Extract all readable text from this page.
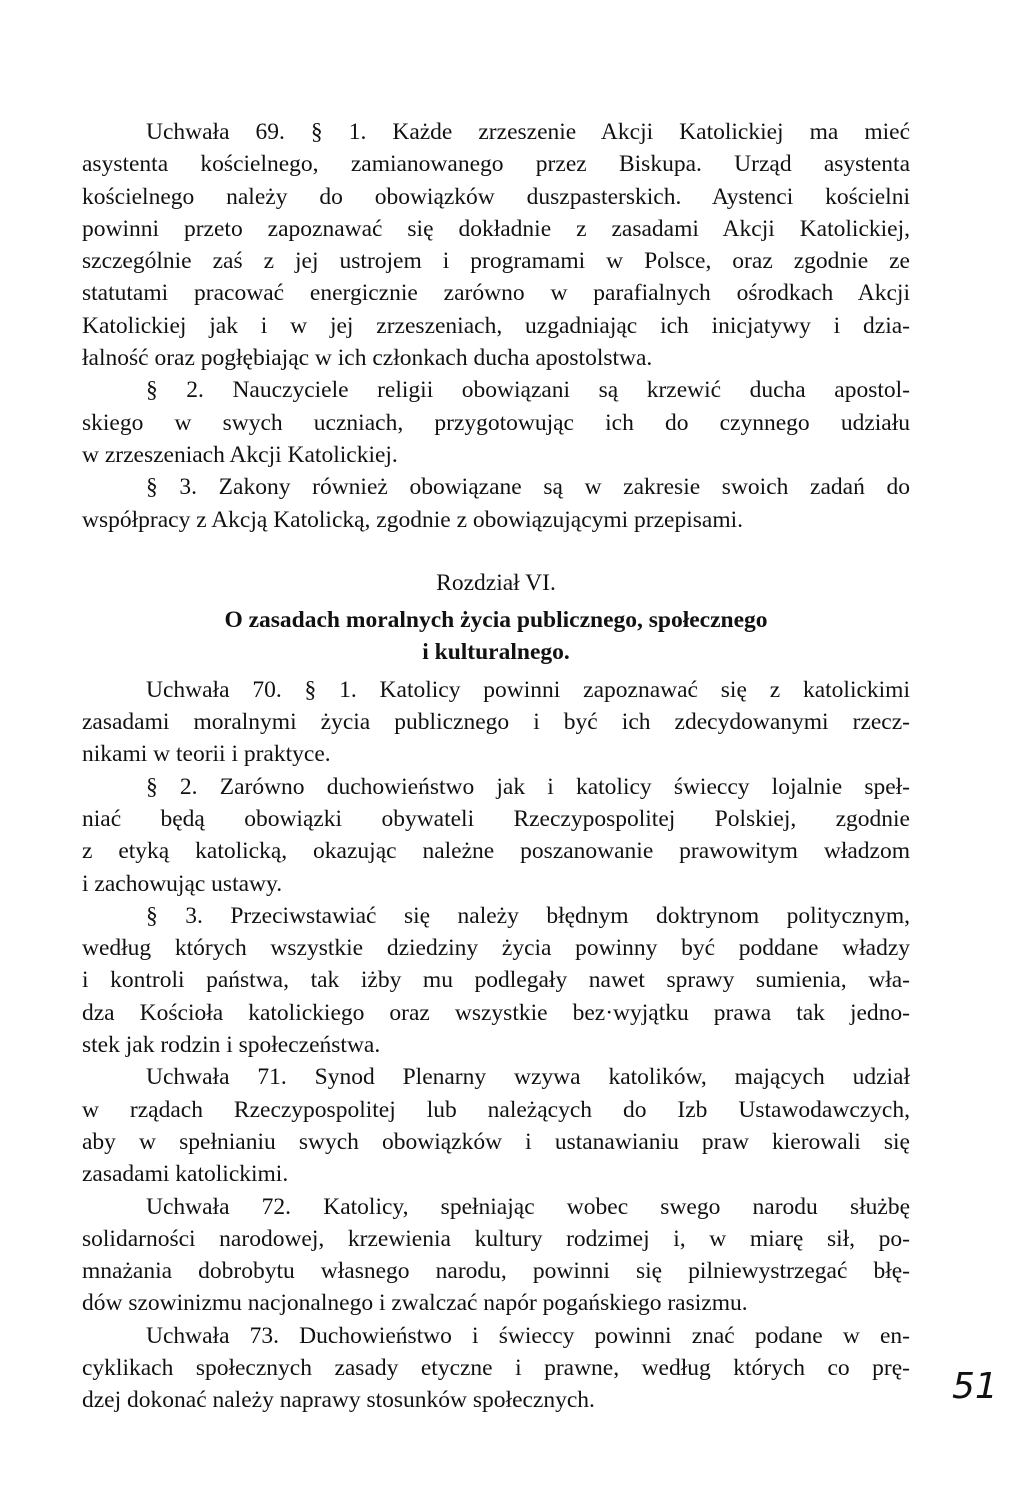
Uchwała 69. § 1. Każde zrzeszenie Akcji Katolickiej ma mieć
asystenta kościelnego, zamianowanego przez Biskupa. Urząd asystenta
kościelnego należy do obowiązków duszpasterskich. Aystenci kościelni
powinni przeto zapoznawać się dokładnie z zasadami Akcji Katolickiej,
szczególnie zaś z jej ustrojem i programami w Polsce, oraz zgodnie ze
statutami pracować energicznie zarówno w parafialnych ośrodkach Akcji
Katolickiej jak i w jej zrzeszeniach, uzgadniając ich inicjatywy i dzia-
łalność oraz pogłębiając w ich członkach ducha apostolstwa.
§ 2. Nauczyciele religii obowiązani są krzewić ducha apostol-
skiego w swych uczniach, przygotowując ich do czynnego udziału
w zrzeszeniach Akcji Katolickiej.
§ 3. Zakony również obowiązane są w zakresie swoich zadań do
współpracy z Akcją Katolicką, zgodnie z obowiązującymi przepisami.
Rozdział VI.
O zasadach moralnych życia publicznego, społecznego
i kulturalnego.
Uchwała 70. § 1. Katolicy powinni zapoznawać się z katolickimi
zasadami moralnymi życia publicznego i być ich zdecydowanymi rzecz-
nikami w teorii i praktyce.
§ 2. Zarówno duchowieństwo jak i katolicy świeccy lojalnie speł-
niać będą obowiązki obywateli Rzeczypospolitej Polskiej, zgodnie
z etyką katolicką, okazując należne poszanowanie prawowitym władzom
i zachowując ustawy.
§ 3. Przeciwstawiać się należy błędnym doktrynom politycznym,
według których wszystkie dziedziny życia powinny być poddane władzy
i kontroli państwa, tak iżby mu podlegały nawet sprawy sumienia, wła-
dza Kościoła katolickiego oraz wszystkie bez·wyjątku prawa tak jedno-
stek jak rodzin i społeczeństwa.
Uchwała 71. Synod Plenarny wzywa katolików, mających udział
w rządach Rzeczypospolitej lub należących do Izb Ustawodawczych,
aby w spełnianiu swych obowiązków i ustanawianiu praw kierowali się
zasadami katolickimi.
Uchwała 72. Katolicy, spełniając wobec swego narodu służbę
solidarności narodowej, krzewienia kultury rodzimej i, w miarę sił, po-
mnażania dobrobytu własnego narodu, powinni się pilniewystrzegać błę-
dów szowinizmu nacjonalnego i zwalczać napór pogańskiego rasizmu.
Uchwała 73. Duchowieństwo i świeccy powinni znać podane w en-
cyklikach społecznych zasady etyczne i prawne, według których co prę-
dzej dokonać należy naprawy stosunków społecznych.	51
